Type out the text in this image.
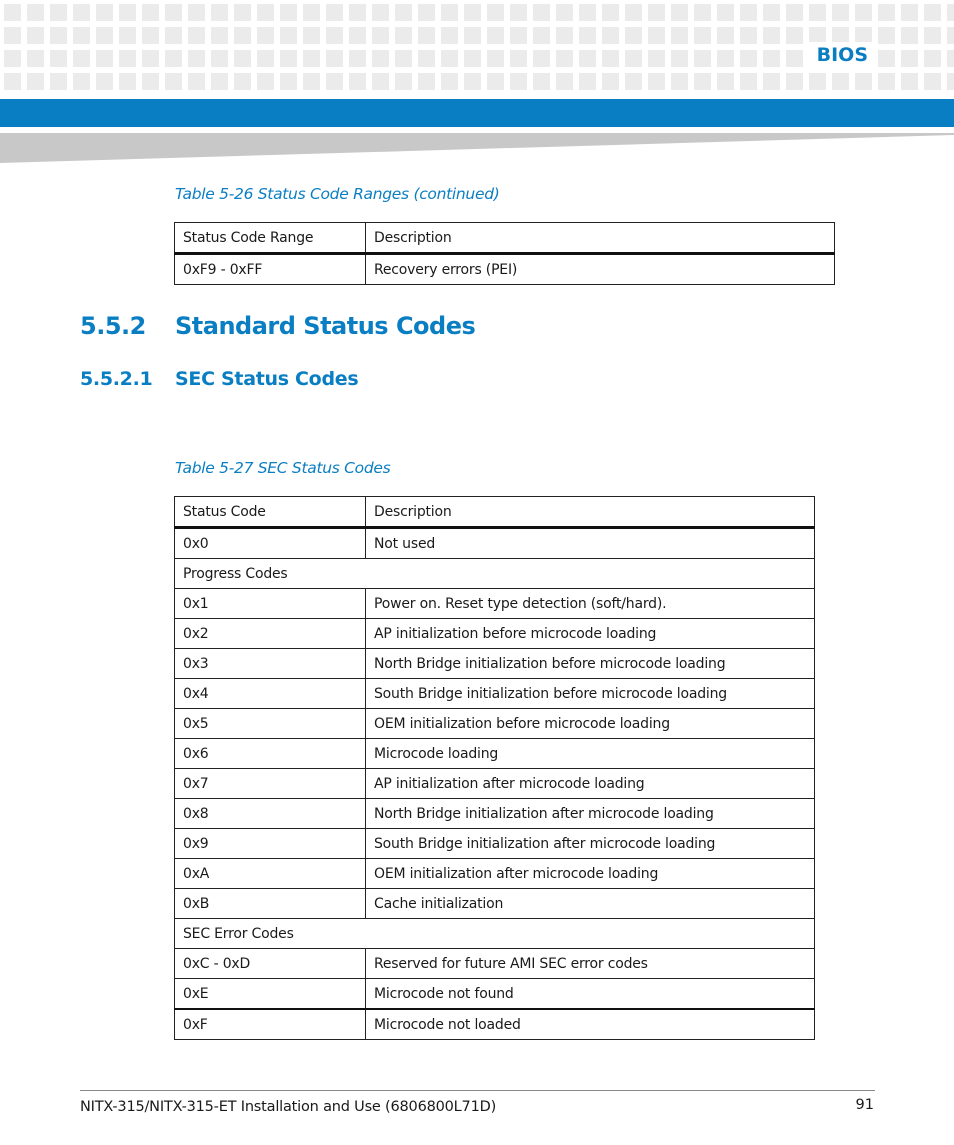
BIOS
Table 5-26 Status Code Ranges (continued)
Status Code Range	Description
0xF9 - 0xFF	Recovery errors (PEI)
5.5.2 Standard Status Codes
5.5.2.1 SEC Status Codes
Table 5-27 SEC Status Codes
Status Code	Description
0x0	Not used
Progress Codes	
0x1	Power on. Reset type detection (soft/hard).
0x2	AP initialization before microcode loading
0x3	North Bridge initialization before microcode loading
0x4	South Bridge initialization before microcode loading
0x5	OEM initialization before microcode loading
0x6	Microcode loading
0x7	AP initialization after microcode loading
0x8	North Bridge initialization after microcode loading
0x9	South Bridge initialization after microcode loading
0xA	OEM initialization after microcode loading
0xB	Cache initialization
SEC Error Codes	
0xC - 0xD	Reserved for future AMI SEC error codes
0xE	Microcode not found
0xF	Microcode not loaded
NITX-315/NITX-315-ET Installation and Use (6806800L71D)	91
